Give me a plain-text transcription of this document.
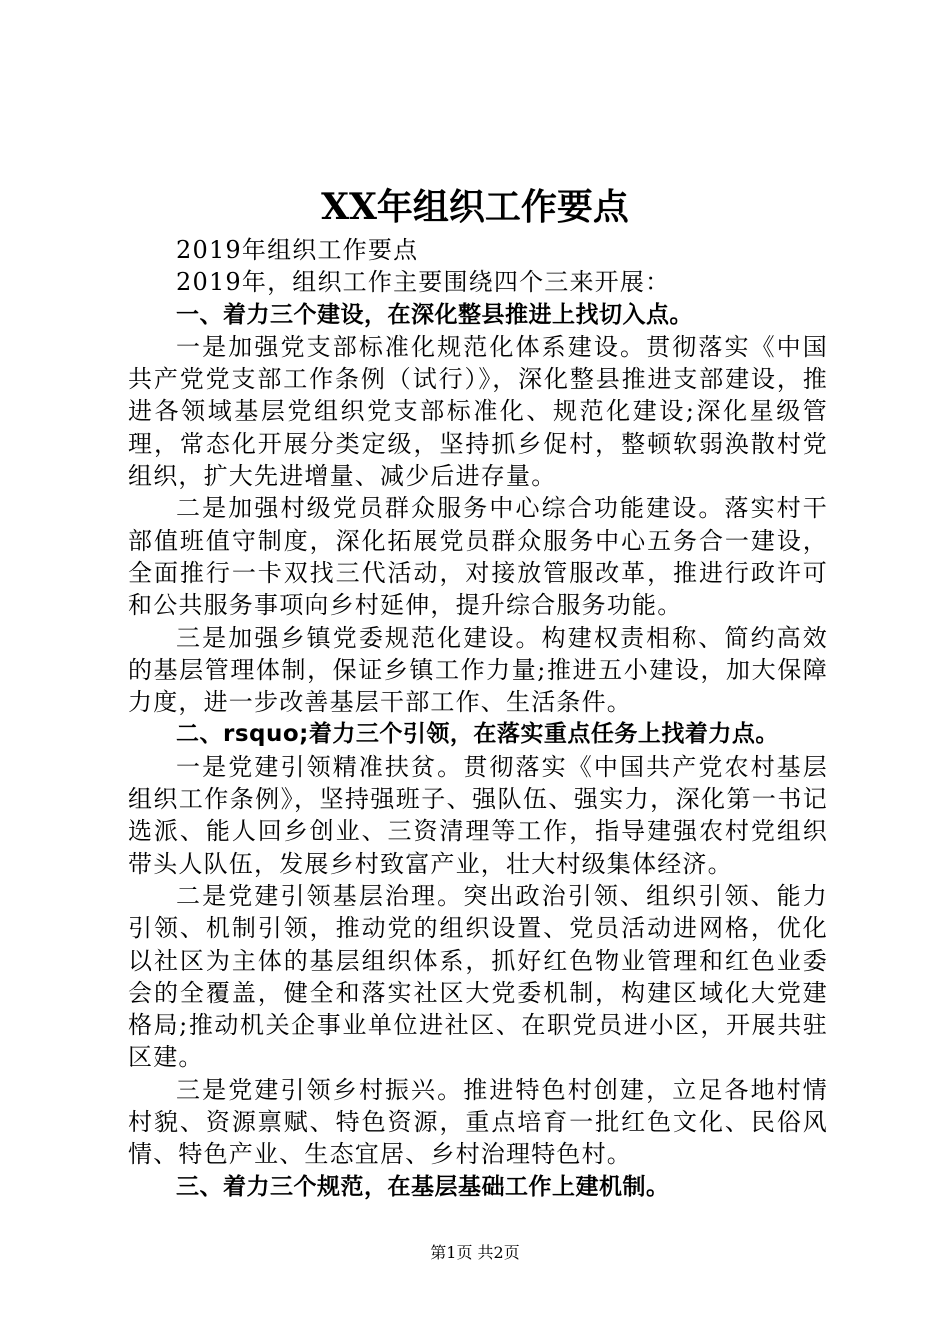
XX年组织工作要点

2019年组织工作要点

2019年，组织工作主要围绕四个三来开展：

一、着力三个建设，在深化整县推进上找切入点。

一是加强党支部标准化规范化体系建设。贯彻落实《中国共产党党支部工作条例（试行）》，深化整县推进支部建设，推进各领域基层党组织党支部标准化、规范化建设;深化星级管理，常态化开展分类定级，坚持抓乡促村，整顿软弱涣散村党组织，扩大先进增量、减少后进存量。

二是加强村级党员群众服务中心综合功能建设。落实村干部值班值守制度，深化拓展党员群众服务中心五务合一建设，全面推行一卡双找三代活动，对接放管服改革，推进行政许可和公共服务事项向乡村延伸，提升综合服务功能。

三是加强乡镇党委规范化建设。构建权责相称、简约高效的基层管理体制，保证乡镇工作力量;推进五小建设，加大保障力度，进一步改善基层干部工作、生活条件。

二、rsquo;着力三个引领，在落实重点任务上找着力点。

一是党建引领精准扶贫。贯彻落实《中国共产党农村基层组织工作条例》，坚持强班子、强队伍、强实力，深化第一书记选派、能人回乡创业、三资清理等工作，指导建强农村党组织带头人队伍，发展乡村致富产业，壮大村级集体经济。

二是党建引领基层治理。突出政治引领、组织引领、能力引领、机制引领，推动党的组织设置、党员活动进网格，优化以社区为主体的基层组织体系，抓好红色物业管理和红色业委会的全覆盖，健全和落实社区大党委机制，构建区域化大党建格局;推动机关企事业单位进社区、在职党员进小区，开展共驻区建。

三是党建引领乡村振兴。推进特色村创建，立足各地村情村貌、资源禀赋、特色资源，重点培育一批红色文化、民俗风情、特色产业、生态宜居、乡村治理特色村。

三、着力三个规范，在基层基础工作上建机制。

第1页 共2页
